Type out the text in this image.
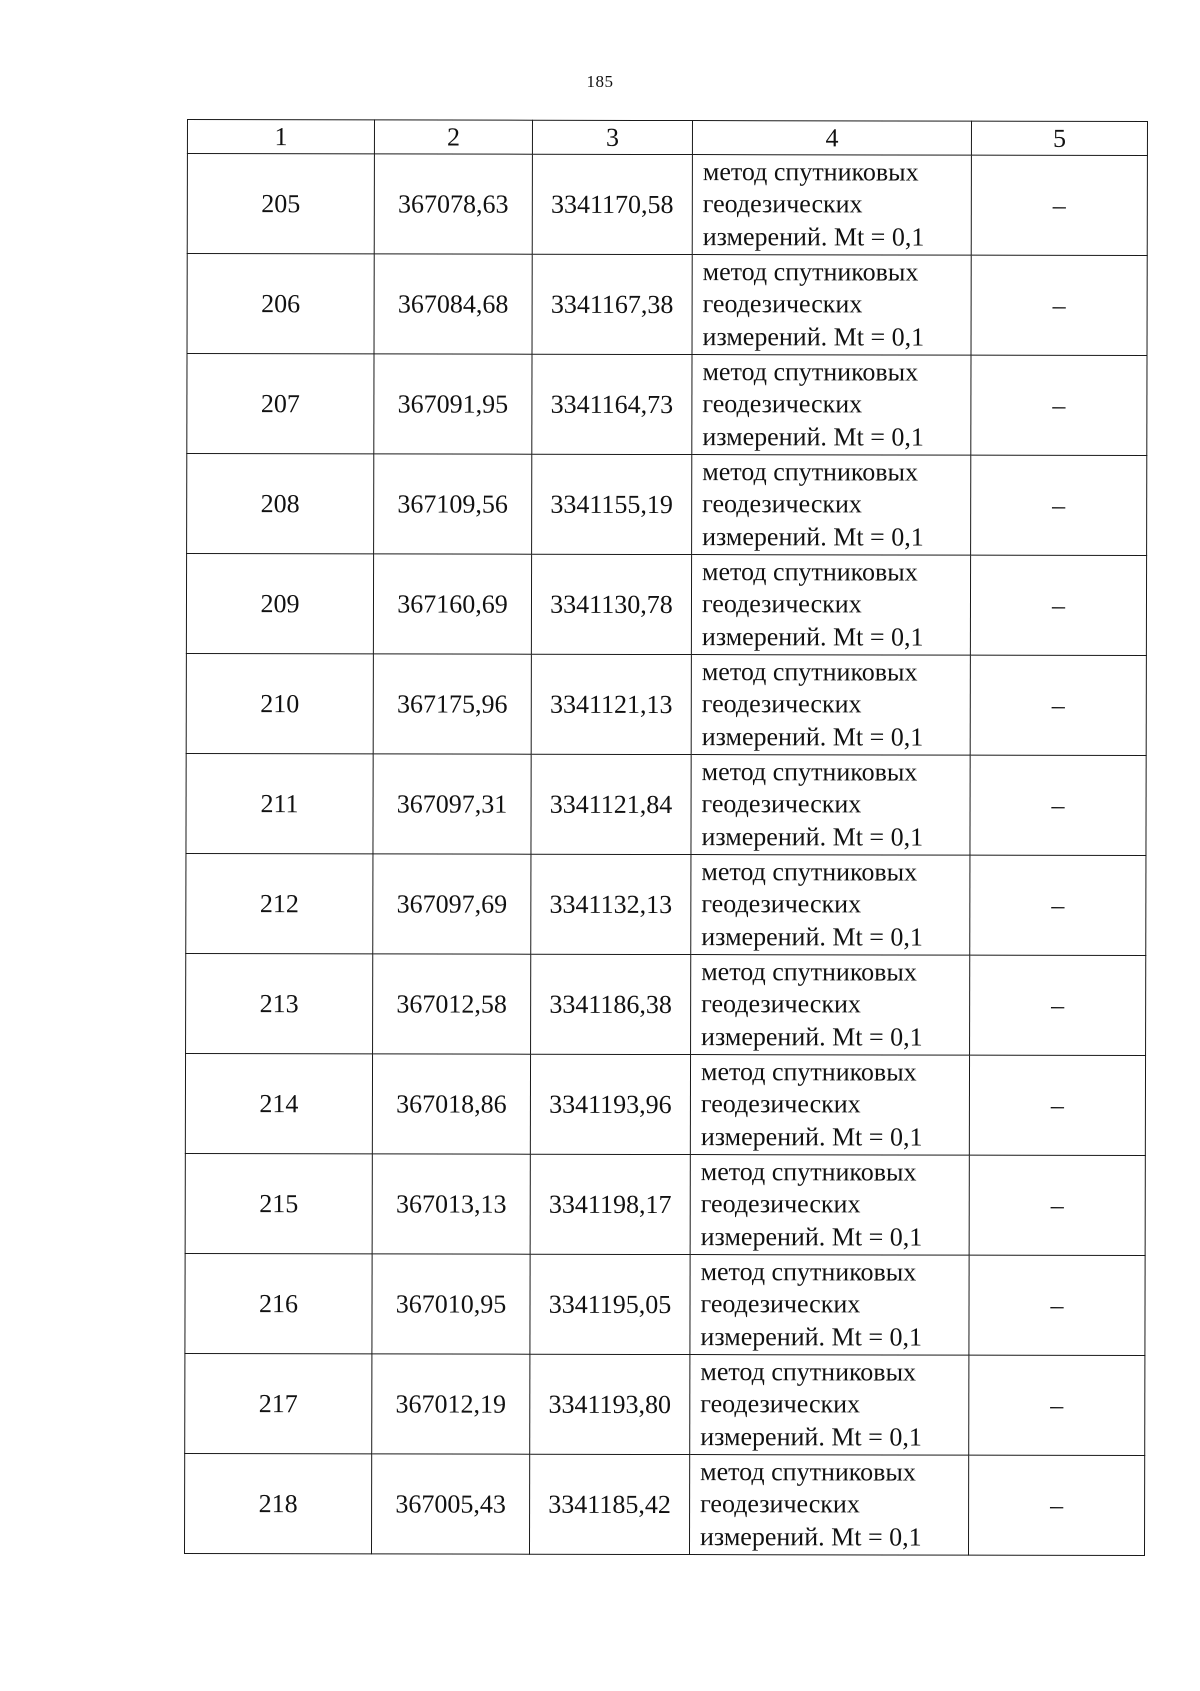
185
1	2	3	4	5
205	367078,63	3341170,58	метод спутниковых
геодезических
измерений. Mt = 0,1	–
206	367084,68	3341167,38	метод спутниковых
геодезических
измерений. Mt = 0,1	–
207	367091,95	3341164,73	метод спутниковых
геодезических
измерений. Mt = 0,1	–
208	367109,56	3341155,19	метод спутниковых
геодезических
измерений. Mt = 0,1	–
209	367160,69	3341130,78	метод спутниковых
геодезических
измерений. Mt = 0,1	–
210	367175,96	3341121,13	метод спутниковых
геодезических
измерений. Mt = 0,1	–
211	367097,31	3341121,84	метод спутниковых
геодезических
измерений. Mt = 0,1	–
212	367097,69	3341132,13	метод спутниковых
геодезических
измерений. Mt = 0,1	–
213	367012,58	3341186,38	метод спутниковых
геодезических
измерений. Mt = 0,1	–
214	367018,86	3341193,96	метод спутниковых
геодезических
измерений. Mt = 0,1	–
215	367013,13	3341198,17	метод спутниковых
геодезических
измерений. Mt = 0,1	–
216	367010,95	3341195,05	метод спутниковых
геодезических
измерений. Mt = 0,1	–
217	367012,19	3341193,80	метод спутниковых
геодезических
измерений. Mt = 0,1	–
218	367005,43	3341185,42	метод спутниковых
геодезических
измерений. Mt = 0,1	–
